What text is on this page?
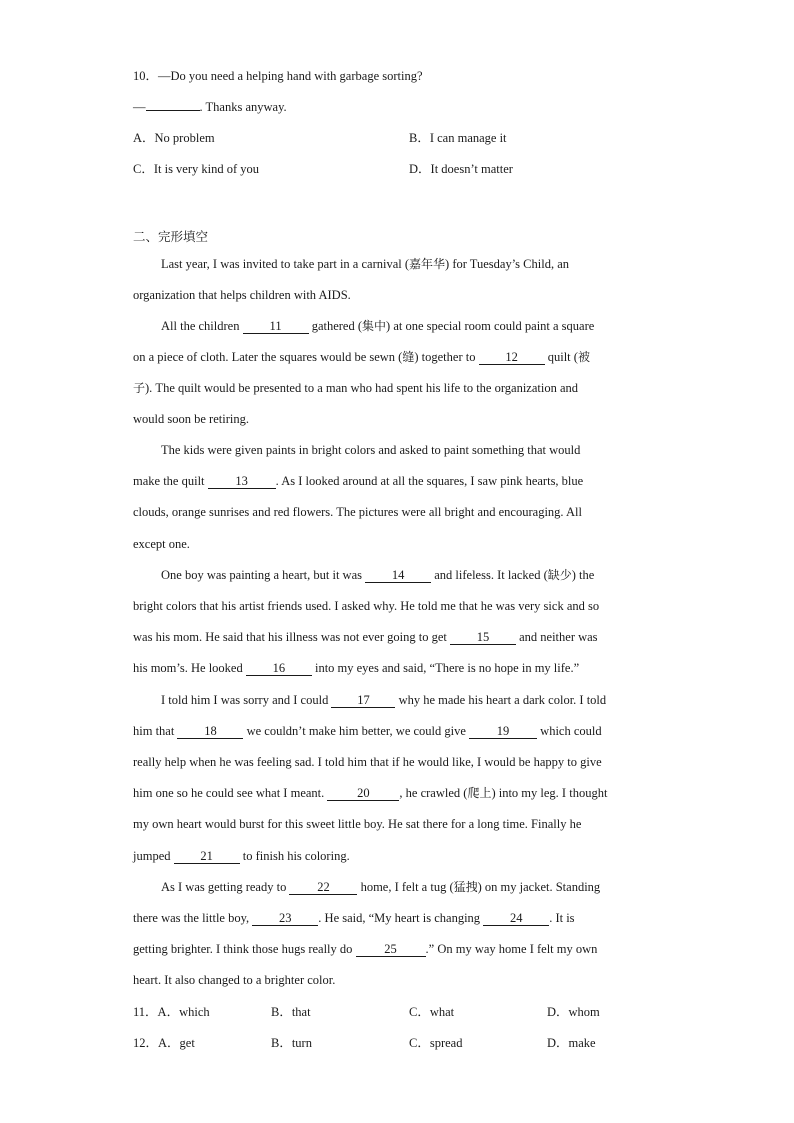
10．—Do you need a helping hand with garbage sorting?
—	. Thanks anyway.
A．No problem	B．I can manage it
C．It is very kind of you	D．It doesn’t matter
二、完形填空
Last year, I was invited to take part in a carnival (嘉年华) for Tuesday’s Child, an
organization that helps children with AIDS.
All the children 11 gathered (集中) at one special room could paint a square
on a piece of cloth. Later the squares would be sewn (缝) together to 12 quilt (被
子). The quilt would be presented to a man who had spent his life to the organization and
would soon be retiring.
The kids were given paints in bright colors and asked to paint something that would
make the quilt 13 . As I looked around at all the squares, I saw pink hearts, blue
clouds, orange sunrises and red flowers. The pictures were all bright and encouraging. All
except one.
One boy was painting a heart, but it was 14 and lifeless. It lacked (缺少) the
bright colors that his artist friends used. I asked why. He told me that he was very sick and so
was his mom. He said that his illness was not ever going to get 15 and neither was
his mom’s. He looked 16 into my eyes and said, “There is no hope in my life.”
I told him I was sorry and I could 17 why he made his heart a dark color. I told
him that 18 we couldn’t make him better, we could give 19 which could
really help when he was feeling sad. I told him that if he would like, I would be happy to give
him one so he could see what I meant.	20 , he crawled (爬上) into my leg. I thought
my own heart would burst for this sweet little boy. He sat there for a long time. Finally he
jumped 21 to finish his coloring.
As I was getting ready to 22 home, I felt a tug (猛拽) on my jacket. Standing
there was the little boy, 23 . He said, “My heart is changing 24 . It is
getting brighter. I think those hugs really do	25 .” On my way home I felt my own
heart. It also changed to a brighter color.
11．A．which	B．that	C．what	D．whom
12．A．get	B．turn	C．spread	D．make
